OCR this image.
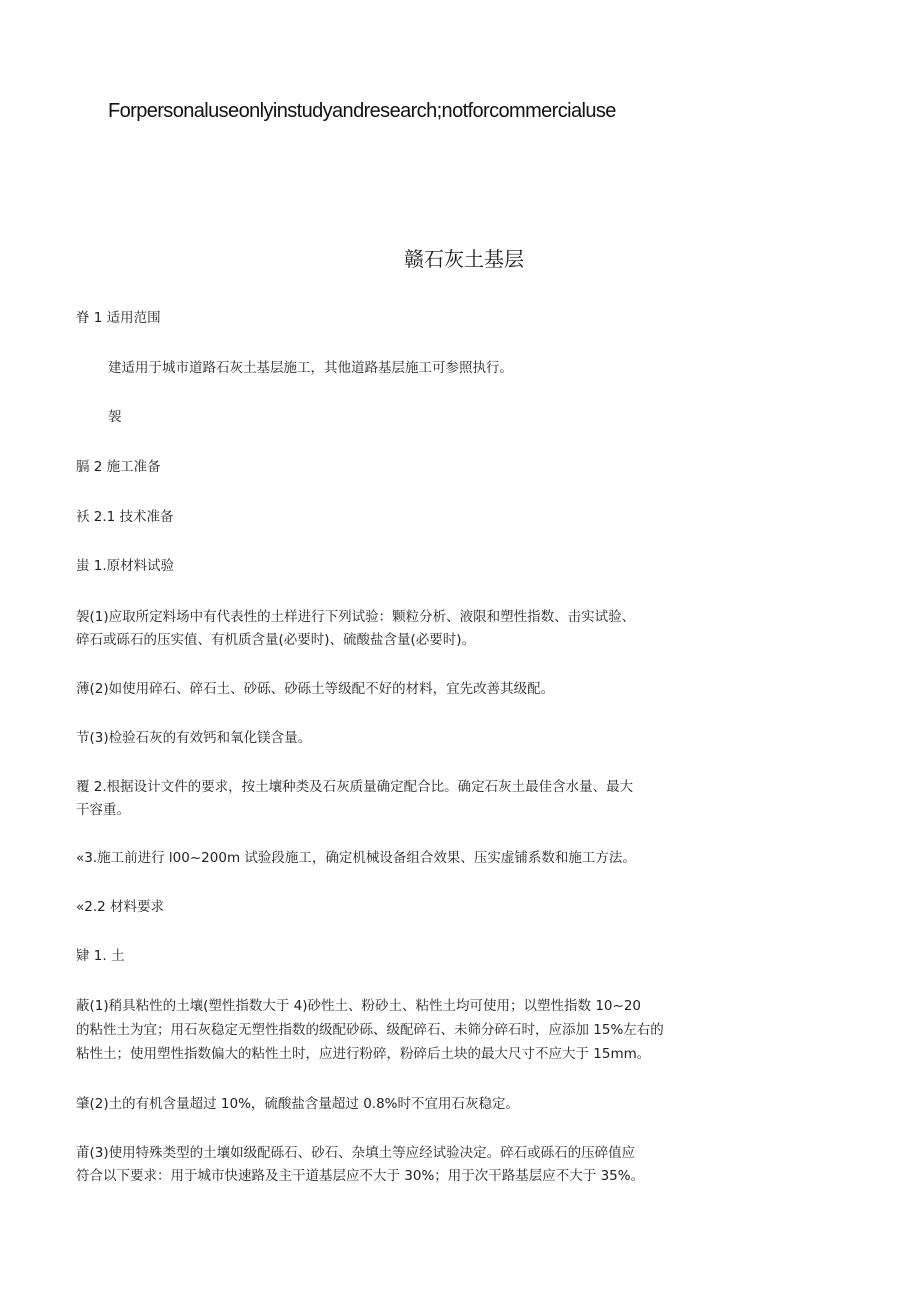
Forpersonaluseonlyinstudyandresearch;notforcommercialuse
赣石灰土基层
脊 1 适用范围
建适用于城市道路石灰土基层施工，其他道路基层施工可参照执行。
袈
膈 2 施工准备
袄 2.1 技术准备
蚩 1.原材料试验
袈(1)应取所定料场中有代表性的土样进行下列试验：颗粒分析、液限和塑性指数、击实试验、
碎石或砾石的压实值、有机质含量(必要时)、硫酸盐含量(必要时)。
薄(2)如使用碎石、碎石土、砂砾、砂砾土等级配不好的材料，宜先改善其级配。
节(3)检验石灰的有效钙和氧化镁含量。
覆 2.根据设计文件的要求，按土壤种类及石灰质量确定配合比。确定石灰土最佳含水量、最大
干容重。
«3.施工前进行 l00~200m 试验段施工，确定机械设备组合效果、压实虚铺系数和施工方法。
«2.2 材料要求
肄 1. 土
蔽(1)稍具粘性的土壤(塑性指数大于 4)砂性土、粉砂土、粘性土均可使用；以塑性指数 10~20
的粘性土为宜；用石灰稳定无塑性指数的级配砂砾、级配碎石、未筛分碎石时，应添加 15%左右的
粘性土；使用塑性指数偏大的粘性土时，应进行粉碎，粉碎后土块的最大尺寸不应大于 15mm。
肇(2)土的有机含量超过 10%，硫酸盐含量超过 0.8%时不宜用石灰稳定。
莆(3)使用特殊类型的土壤如级配砾石、砂石、杂填土等应经试验决定。碎石或砾石的压碎值应
符合以下要求：用于城市快速路及主干道基层应不大于 30%；用于次干路基层应不大于 35%。
